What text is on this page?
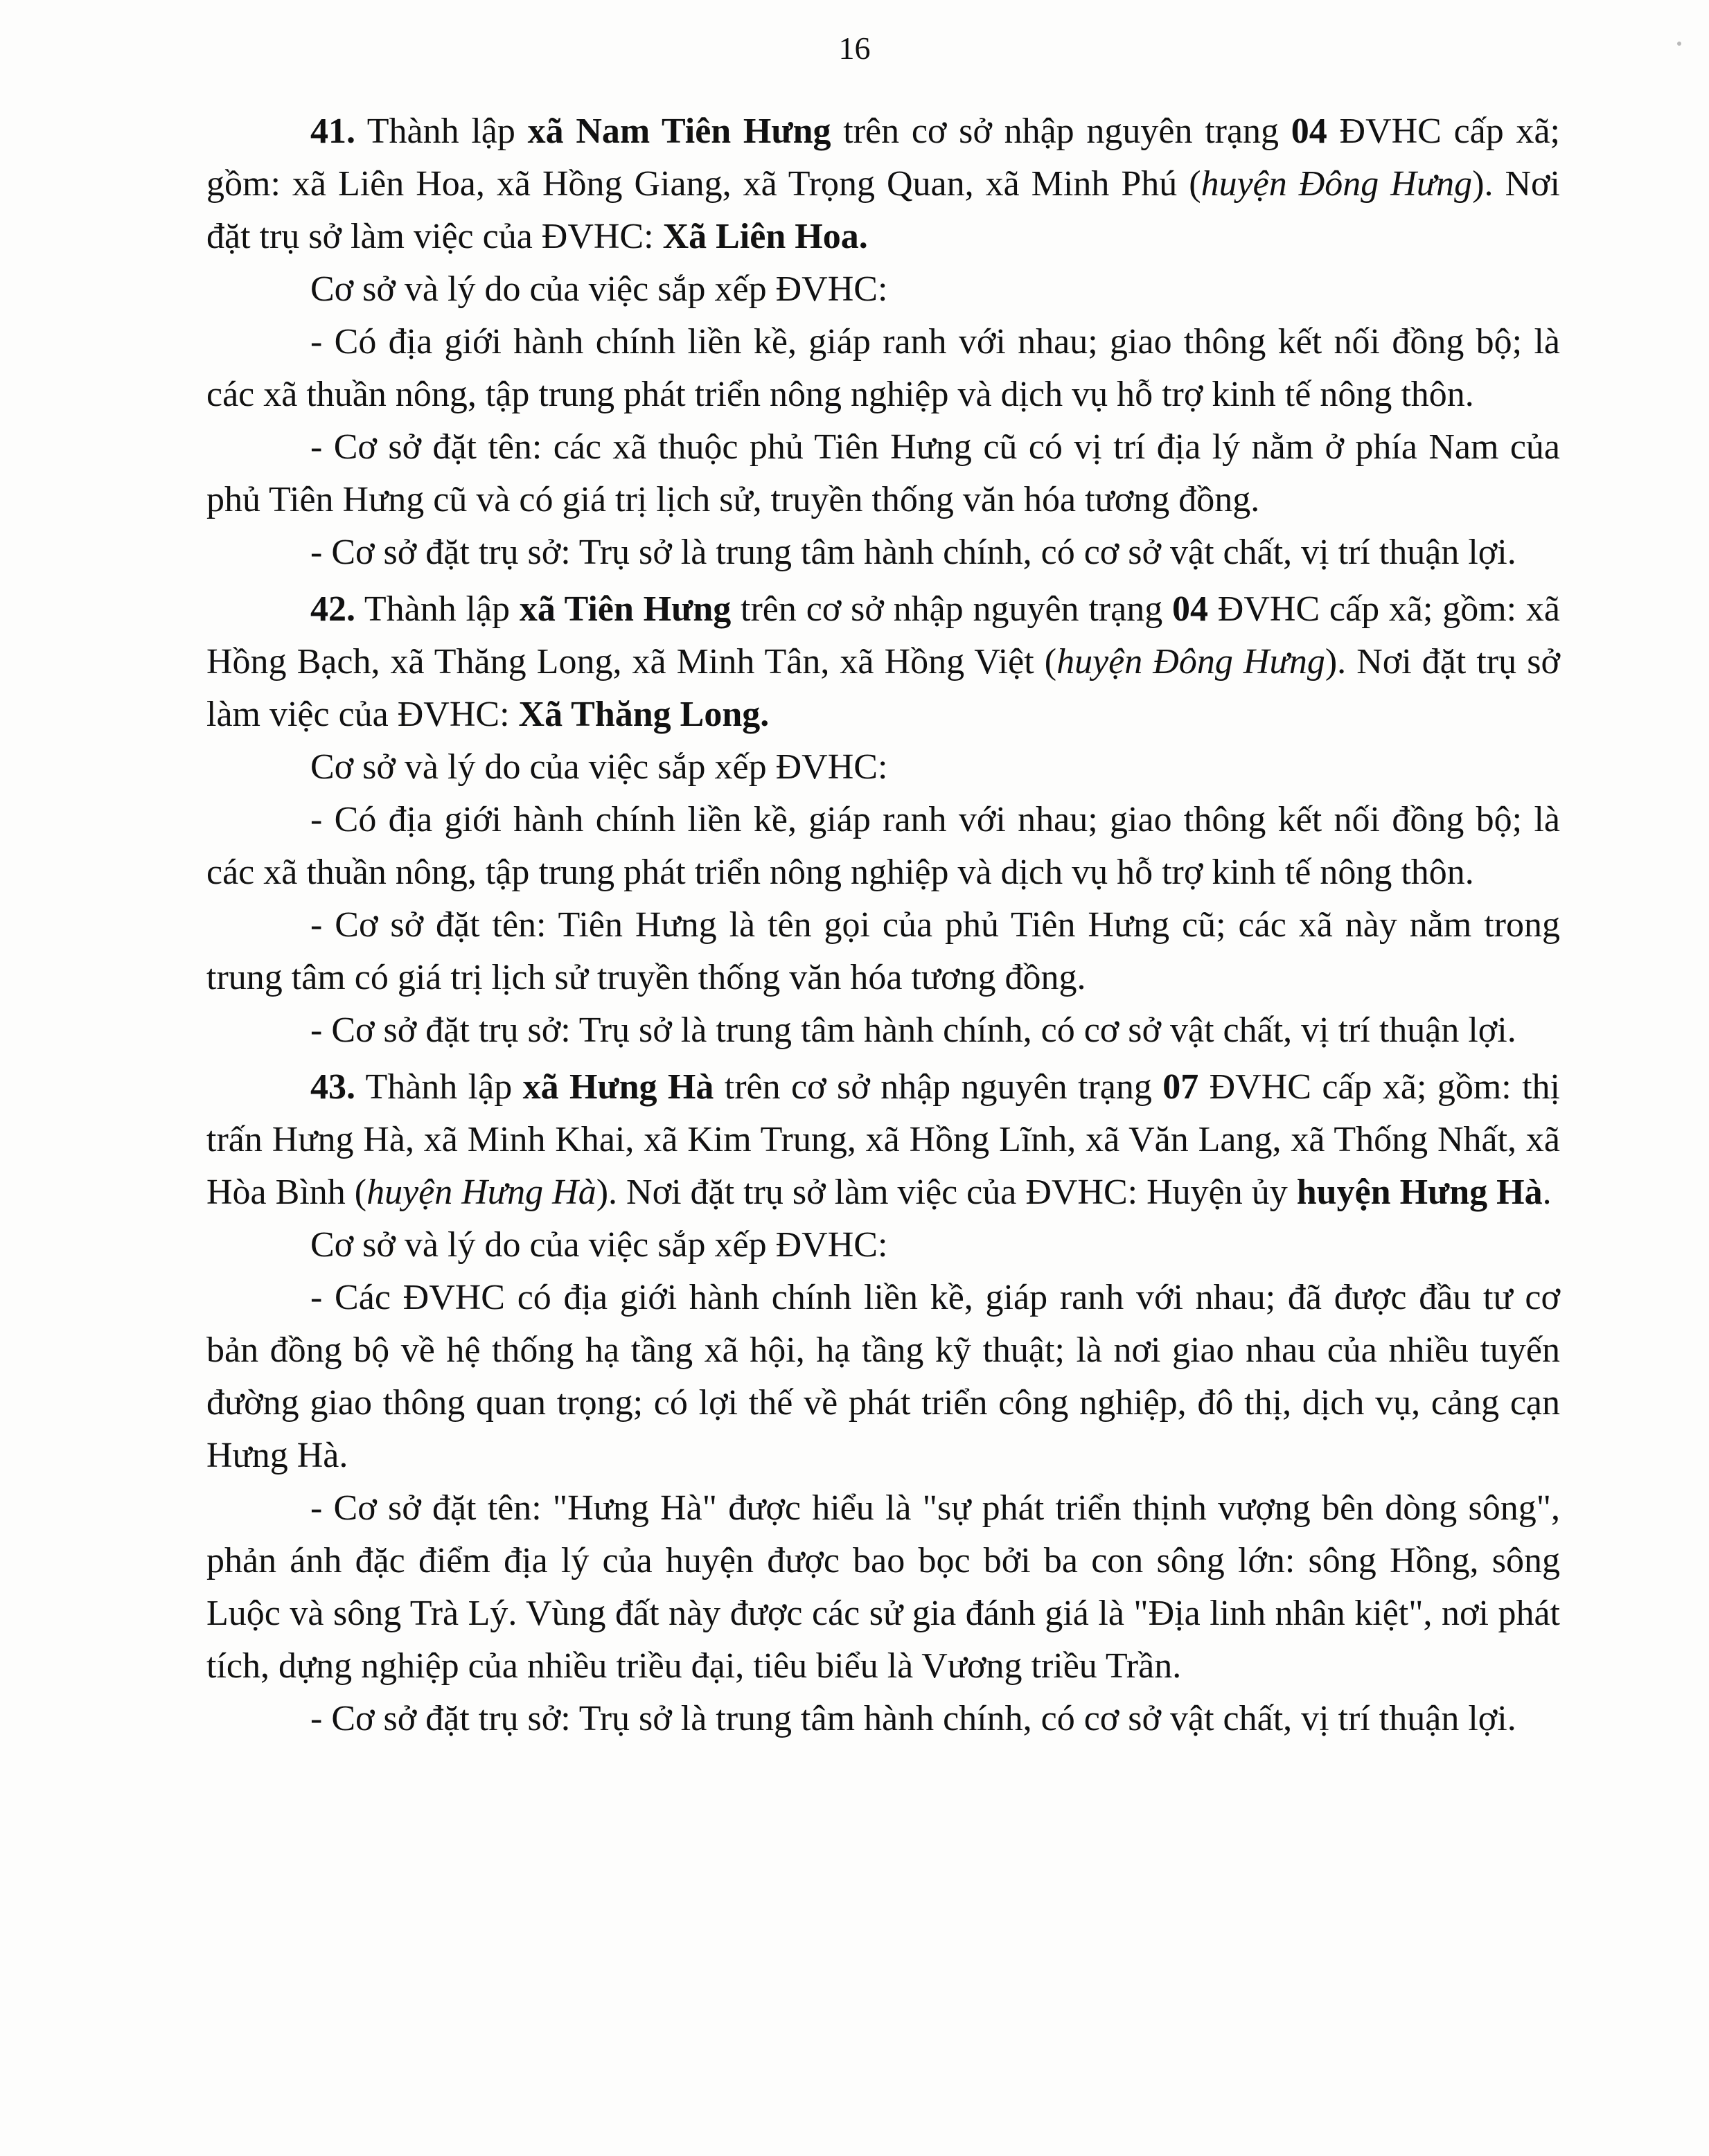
16

41. Thành lập xã Nam Tiên Hưng trên cơ sở nhập nguyên trạng 04 ĐVHC cấp xã; gồm: xã Liên Hoa, xã Hồng Giang, xã Trọng Quan, xã Minh Phú (huyện Đông Hưng). Nơi đặt trụ sở làm việc của ĐVHC: Xã Liên Hoa.

Cơ sở và lý do của việc sắp xếp ĐVHC:

- Có địa giới hành chính liền kề, giáp ranh với nhau; giao thông kết nối đồng bộ; là các xã thuần nông, tập trung phát triển nông nghiệp và dịch vụ hỗ trợ kinh tế nông thôn.

- Cơ sở đặt tên: các xã thuộc phủ Tiên Hưng cũ có vị trí địa lý nằm ở phía Nam của phủ Tiên Hưng cũ và có giá trị lịch sử, truyền thống văn hóa tương đồng.

- Cơ sở đặt trụ sở: Trụ sở là trung tâm hành chính, có cơ sở vật chất, vị trí thuận lợi.

42. Thành lập xã Tiên Hưng trên cơ sở nhập nguyên trạng 04 ĐVHC cấp xã; gồm: xã Hồng Bạch, xã Thăng Long, xã Minh Tân, xã Hồng Việt (huyện Đông Hưng). Nơi đặt trụ sở làm việc của ĐVHC: Xã Thăng Long.

Cơ sở và lý do của việc sắp xếp ĐVHC:

- Có địa giới hành chính liền kề, giáp ranh với nhau; giao thông kết nối đồng bộ; là các xã thuần nông, tập trung phát triển nông nghiệp và dịch vụ hỗ trợ kinh tế nông thôn.

- Cơ sở đặt tên: Tiên Hưng là tên gọi của phủ Tiên Hưng cũ; các xã này nằm trong trung tâm có giá trị lịch sử truyền thống văn hóa tương đồng.

- Cơ sở đặt trụ sở: Trụ sở là trung tâm hành chính, có cơ sở vật chất, vị trí thuận lợi.

43. Thành lập xã Hưng Hà trên cơ sở nhập nguyên trạng 07 ĐVHC cấp xã; gồm: thị trấn Hưng Hà, xã Minh Khai, xã Kim Trung, xã Hồng Lĩnh, xã Văn Lang, xã Thống Nhất, xã Hòa Bình (huyện Hưng Hà). Nơi đặt trụ sở làm việc của ĐVHC: Huyện ủy huyện Hưng Hà.

Cơ sở và lý do của việc sắp xếp ĐVHC:

- Các ĐVHC có địa giới hành chính liền kề, giáp ranh với nhau; đã được đầu tư cơ bản đồng bộ về hệ thống hạ tầng xã hội, hạ tầng kỹ thuật; là nơi giao nhau của nhiều tuyến đường giao thông quan trọng; có lợi thế về phát triển công nghiệp, đô thị, dịch vụ, cảng cạn Hưng Hà.

- Cơ sở đặt tên: "Hưng Hà" được hiểu là "sự phát triển thịnh vượng bên dòng sông", phản ánh đặc điểm địa lý của huyện được bao bọc bởi ba con sông lớn: sông Hồng, sông Luộc và sông Trà Lý. Vùng đất này được các sử gia đánh giá là "Địa linh nhân kiệt", nơi phát tích, dựng nghiệp của nhiều triều đại, tiêu biểu là Vương triều Trần.

- Cơ sở đặt trụ sở: Trụ sở là trung tâm hành chính, có cơ sở vật chất, vị trí thuận lợi.
